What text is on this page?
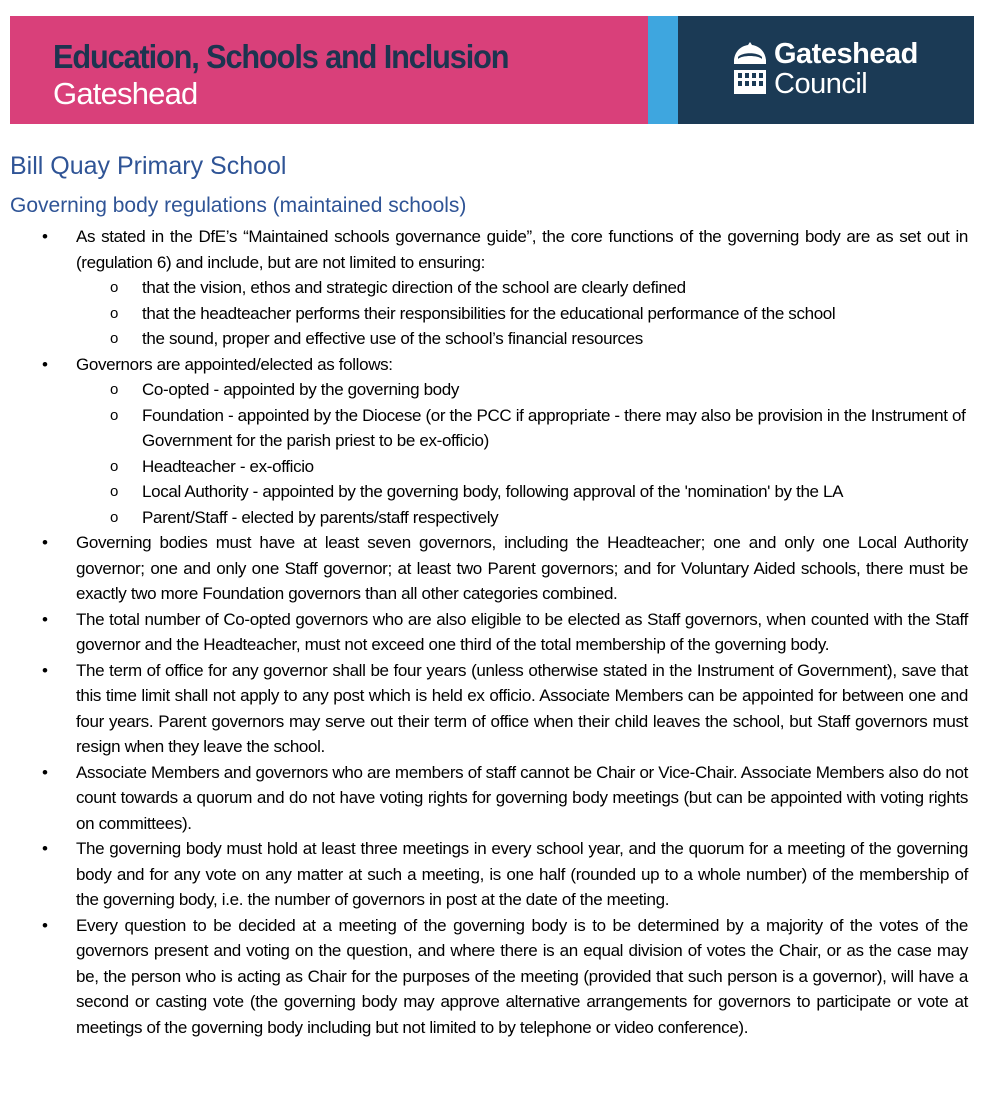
Education, Schools and Inclusion
Gateshead
Gateshead
Council
Bill Quay Primary School
Governing body regulations (maintained schools)
• As stated in the DfE’s “Maintained schools governance guide”, the core functions of the governing body are as set out in (regulation 6) and include, but are not limited to ensuring:
o that the vision, ethos and strategic direction of the school are clearly defined
o that the headteacher performs their responsibilities for the educational performance of the school
o the sound, proper and effective use of the school’s financial resources
• Governors are appointed/elected as follows:
o Co-opted - appointed by the governing body
o Foundation - appointed by the Diocese (or the PCC if appropriate - there may also be provision in the Instrument of Government for the parish priest to be ex-officio)
o Headteacher - ex-officio
o Local Authority - appointed by the governing body, following approval of the 'nomination' by the LA
o Parent/Staff - elected by parents/staff respectively
• Governing bodies must have at least seven governors, including the Headteacher; one and only one Local Authority governor; one and only one Staff governor; at least two Parent governors; and for Voluntary Aided schools, there must be exactly two more Foundation governors than all other categories combined.
• The total number of Co-opted governors who are also eligible to be elected as Staff governors, when counted with the Staff governor and the Headteacher, must not exceed one third of the total membership of the governing body.
• The term of office for any governor shall be four years (unless otherwise stated in the Instrument of Government), save that this time limit shall not apply to any post which is held ex officio. Associate Members can be appointed for between one and four years. Parent governors may serve out their term of office when their child leaves the school, but Staff governors must resign when they leave the school.
• Associate Members and governors who are members of staff cannot be Chair or Vice-Chair. Associate Members also do not count towards a quorum and do not have voting rights for governing body meetings (but can be appointed with voting rights on committees).
• The governing body must hold at least three meetings in every school year, and the quorum for a meeting of the governing body and for any vote on any matter at such a meeting, is one half (rounded up to a whole number) of the membership of the governing body, i.e. the number of governors in post at the date of the meeting.
• Every question to be decided at a meeting of the governing body is to be determined by a majority of the votes of the governors present and voting on the question, and where there is an equal division of votes the Chair, or as the case may be, the person who is acting as Chair for the purposes of the meeting (provided that such person is a governor), will have a second or casting vote (the governing body may approve alternative arrangements for governors to participate or vote at meetings of the governing body including but not limited to by telephone or video conference).
